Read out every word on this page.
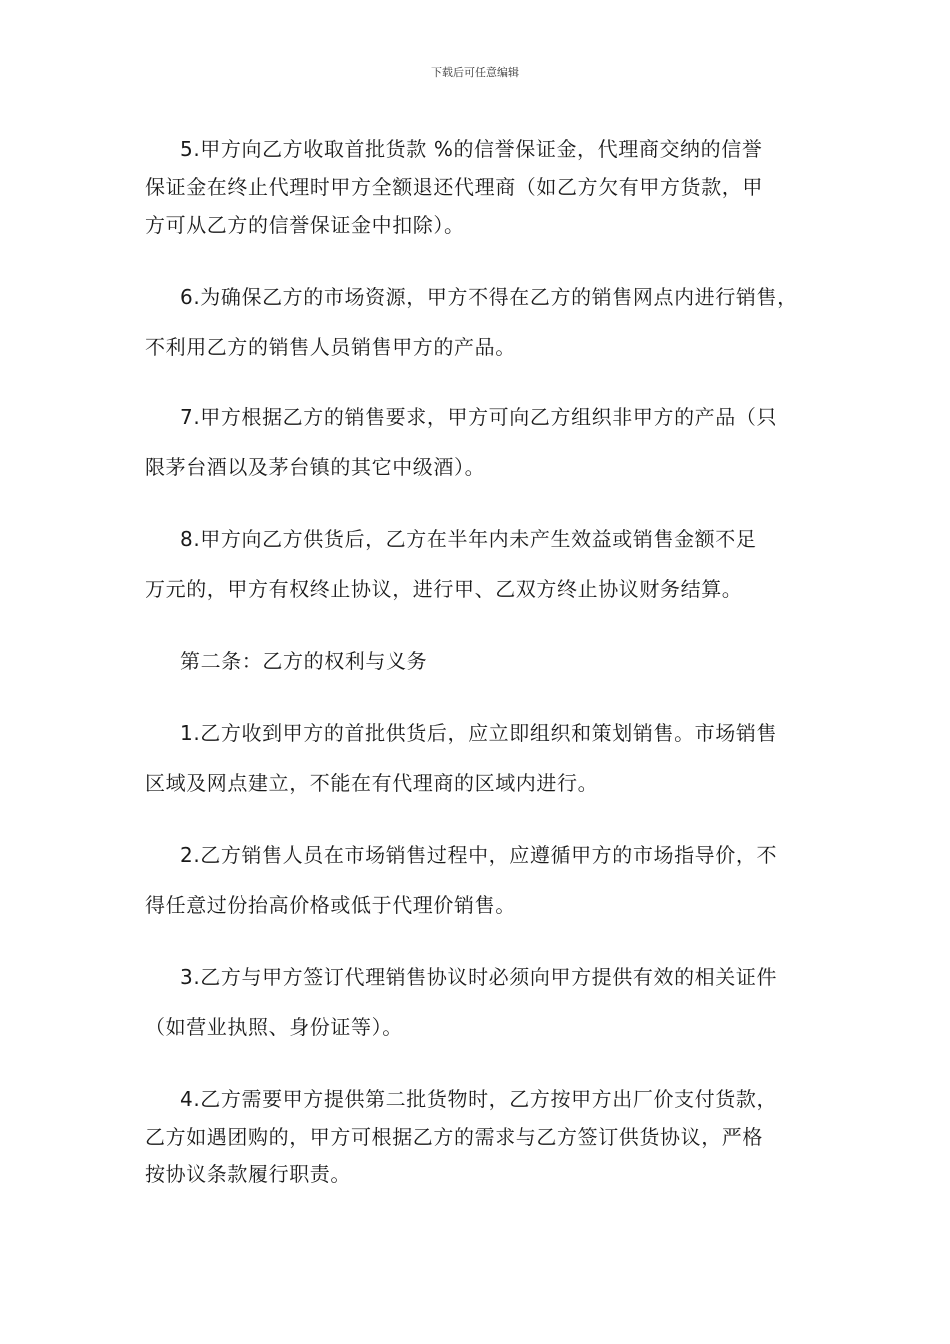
下载后可任意编辑
5.甲方向乙方收取首批货款 %的信誉保证金，代理商交纳的信誉
保证金在终止代理时甲方全额退还代理商（如乙方欠有甲方货款，甲
方可从乙方的信誉保证金中扣除）。
6.为确保乙方的市场资源，甲方不得在乙方的销售网点内进行销售，
不利用乙方的销售人员销售甲方的产品。
7.甲方根据乙方的销售要求，甲方可向乙方组织非甲方的产品（只
限茅台酒以及茅台镇的其它中级酒）。
8.甲方向乙方供货后，乙方在半年内未产生效益或销售金额不足
万元的，甲方有权终止协议，进行甲、乙双方终止协议财务结算。
第二条：乙方的权利与义务
1.乙方收到甲方的首批供货后，应立即组织和策划销售。市场销售
区域及网点建立，不能在有代理商的区域内进行。
2.乙方销售人员在市场销售过程中，应遵循甲方的市场指导价，不
得任意过份抬高价格或低于代理价销售。
3.乙方与甲方签订代理销售协议时必须向甲方提供有效的相关证件
（如营业执照、身份证等）。
4.乙方需要甲方提供第二批货物时，乙方按甲方出厂价支付货款，
乙方如遇团购的，甲方可根据乙方的需求与乙方签订供货协议，严格
按协议条款履行职责。
